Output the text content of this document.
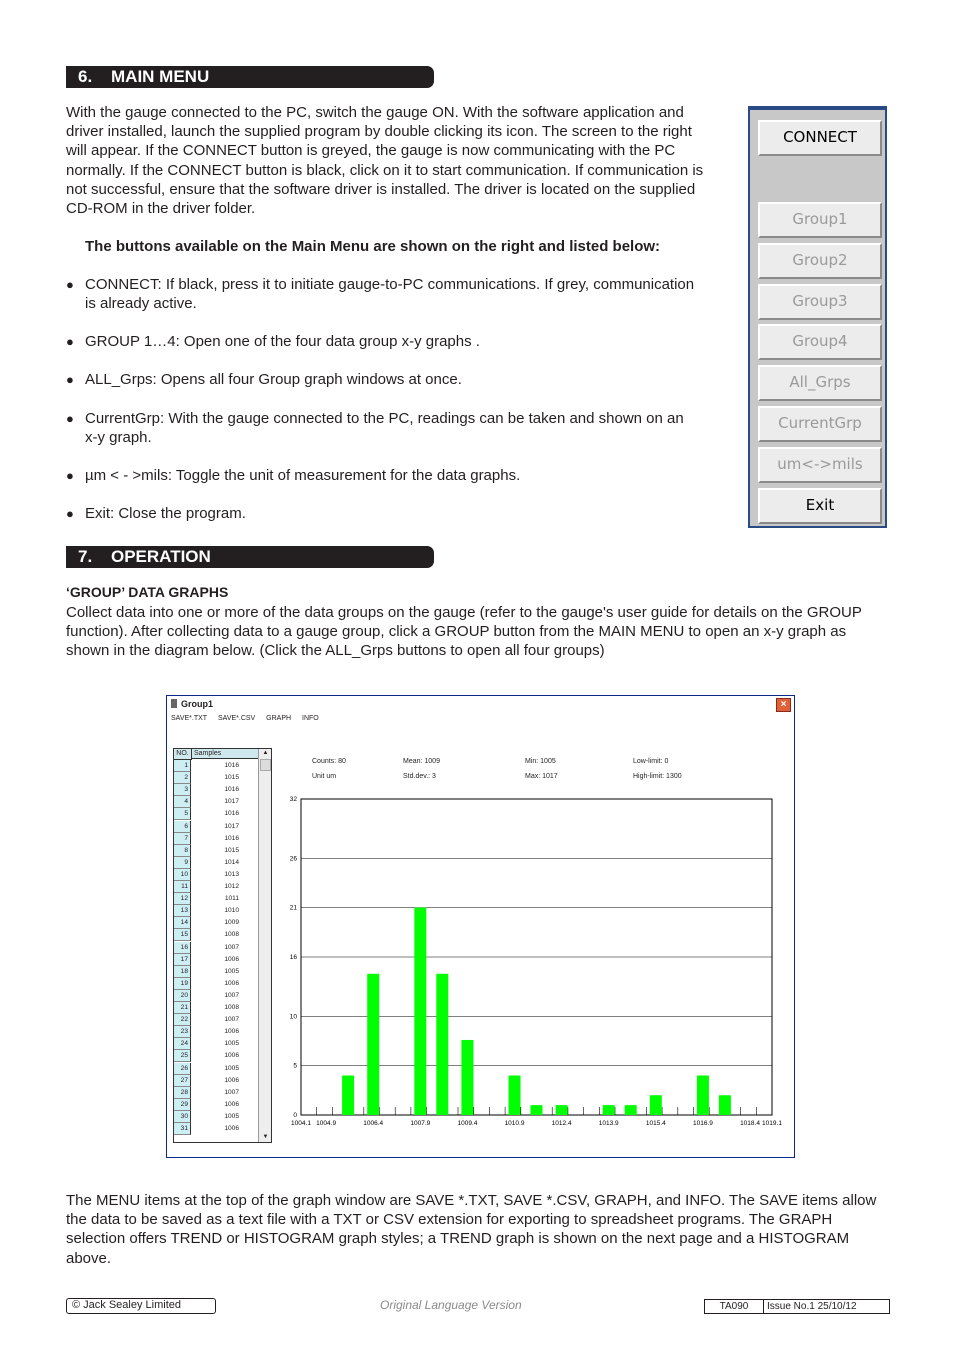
6. MAIN MENU
With the gauge connected to the PC, switch the gauge ON. With the software application and driver installed, launch the supplied program by double clicking its icon. The screen to the right will appear. If the CONNECT button is greyed, the gauge is now communicating with the PC normally. If the CONNECT button is black, click on it to start communication. If communication is not successful, ensure that the software driver is installed. The driver is located on the supplied CD-ROM in the driver folder.
The buttons available on the Main Menu are shown on the right and listed below:
● CONNECT: If black, press it to initiate gauge-to-PC communications. If grey, communication is already active.
● GROUP 1…4: Open one of the four data group x-y graphs .
● ALL_Grps: Opens all four Group graph windows at once.
● CurrentGrp: With the gauge connected to the PC, readings can be taken and shown on an x-y graph.
● µm < - >mils: Toggle the unit of measurement for the data graphs.
● Exit: Close the program.
CONNECT
Group1
Group2
Group3
Group4
All_Grps
CurrentGrp
um<->mils
Exit
7. OPERATION
‘GROUP’ DATA GRAPHS
Collect data into one or more of the data groups on the gauge (refer to the gauge's user guide for details on the GROUP function). After collecting data to a gauge group, click a GROUP button from the MAIN MENU to open an x-y graph as shown in the diagram below. (Click the ALL_Grps buttons to open all four groups)
Group1	×
SAVE*.TXT SAVE*.CSV GRAPH INFO
NO. Samples
1	1016
2	1015
3	1016
4	1017
5	1016
6	1017
7	1016
8	1015
9	1014
10	1013
11	1012
12	1011
13	1010
14	1009
15	1008
16	1007
17	1006
18	1005
19	1006
20	1007
21	1008
22	1007
23	1006
24	1005
25	1006
26	1005
27	1006
28	1007
29	1006
30	1005
31	1006
▲
▼
Counts: 80	Mean: 1009	Min: 1005	Low-limit: 0
Unit um	Std.dev.: 3	Max: 1017	High-limit: 1300
0
5
10
16
21
26
32
1004.1 1004.9	1006.4	1007.9	1009.4	1010.9	1012.4	1013.9	1015.4	1016.9	1018.4 1019.1
The MENU items at the top of the graph window are SAVE *.TXT, SAVE *.CSV, GRAPH, and INFO. The SAVE items allow the data to be saved as a text file with a TXT or CSV extension for exporting to spreadsheet programs. The GRAPH selection offers TREND or HISTOGRAM graph styles; a TREND graph is shown on the next page and a HISTOGRAM above.
© Jack Sealey Limited	Original Language Version	TA090	Issue No.1 25/10/12
